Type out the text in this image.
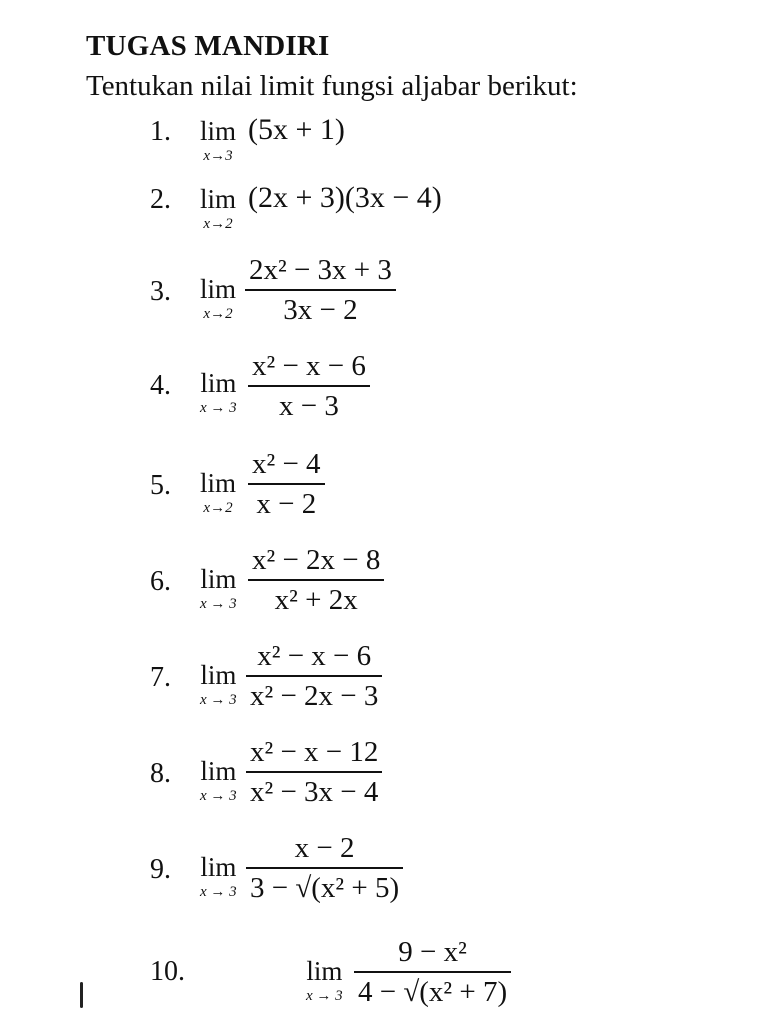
TUGAS MANDIRI
Tentukan nilai limit fungsi aljabar berikut:
1. lim
x→3
(5x + 1)
2. lim
x→2
(2x + 3)(3x − 4)
3. lim
x→2
2x² − 3x + 3
3x − 2
4. lim
x → 3
x² − x − 6
x − 3
5. lim
x→2
x² − 4
x − 2
6. lim
x → 3
x² − 2x − 8
x² + 2x
7. lim
x → 3
x² − x − 6
x² − 2x − 3
8. lim
x → 3
x² − x − 12
x² − 3x − 4
9. lim
x → 3
x − 2
3 − √(x² + 5)
10.	lim
x → 3
9 − x²
4 − √(x² + 7)
